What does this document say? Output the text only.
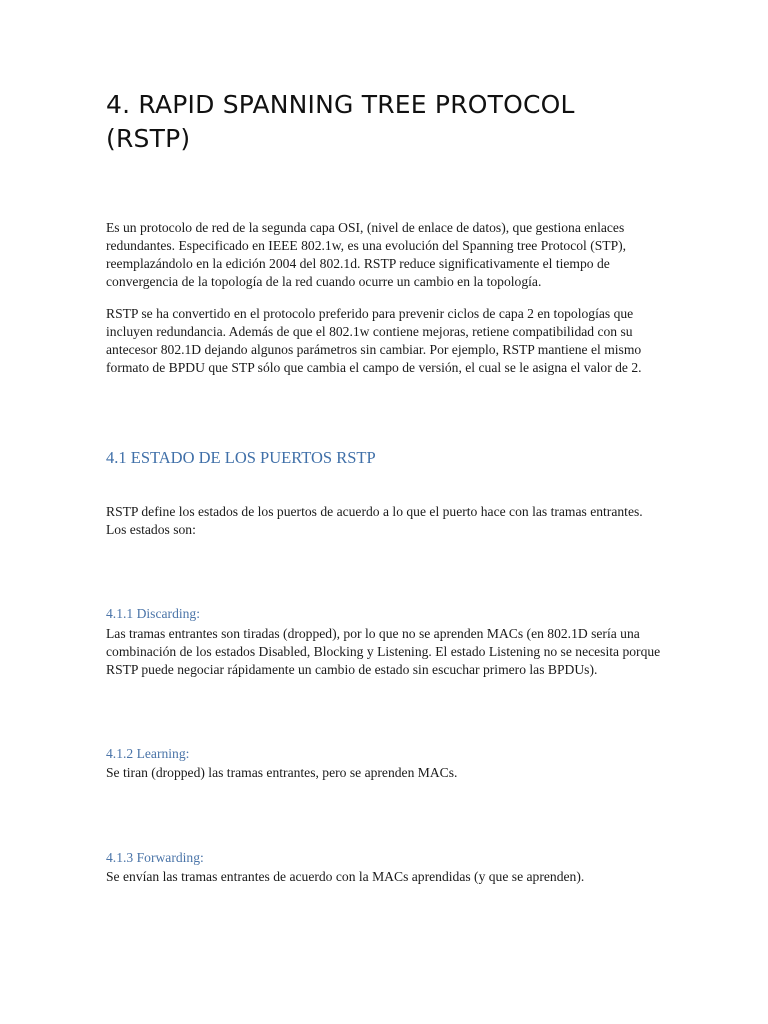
4. RAPID SPANNING TREE PROTOCOL (RSTP)

Es un protocolo de red de la segunda capa OSI, (nivel de enlace de datos), que gestiona enlaces redundantes. Especificado en IEEE 802.1w, es una evolución del Spanning tree Protocol (STP), reemplazándolo en la edición 2004 del 802.1d. RSTP reduce significativamente el tiempo de convergencia de la topología de la red cuando ocurre un cambio en la topología.

RSTP se ha convertido en el protocolo preferido para prevenir ciclos de capa 2 en topologías que incluyen redundancia. Además de que el 802.1w contiene mejoras, retiene compatibilidad con su antecesor 802.1D dejando algunos parámetros sin cambiar. Por ejemplo, RSTP mantiene el mismo formato de BPDU que STP sólo que cambia el campo de versión, el cual se le asigna el valor de 2.

4.1 ESTADO DE LOS PUERTOS RSTP

RSTP define los estados de los puertos de acuerdo a lo que el puerto hace con las tramas entrantes. Los estados son:

4.1.1 Discarding:

Las tramas entrantes son tiradas (dropped), por lo que no se aprenden MACs (en 802.1D sería una combinación de los estados Disabled, Blocking y Listening. El estado Listening no se necesita porque RSTP puede negociar rápidamente un cambio de estado sin escuchar primero las BPDUs).

4.1.2 Learning:

Se tiran (dropped) las tramas entrantes, pero se aprenden MACs.

4.1.3 Forwarding:

Se envían las tramas entrantes de acuerdo con la MACs aprendidas (y que se aprenden).
